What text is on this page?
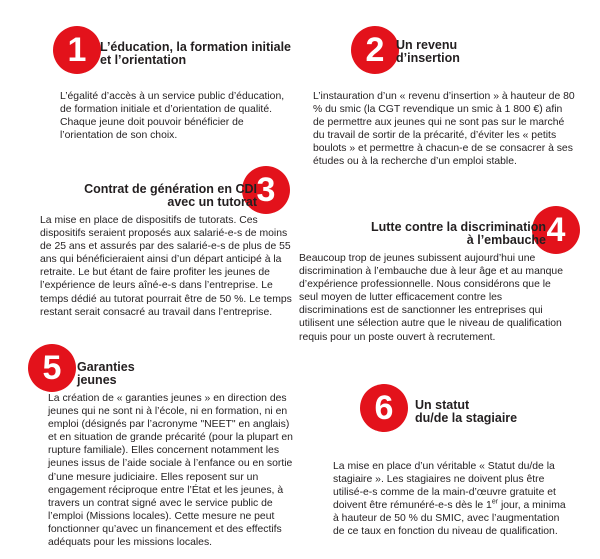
1	L’éducation, la formation initiale
et l’orientation
L’égalité d’accès à un service public d’éducation, de formation initiale et d’orientation de qualité. Chaque jeune doit pouvoir bénéficier de l’orientation de son choix.
2 Un revenu
d’insertion
L’instauration d’un « revenu d’insertion » à hauteur de 80 % du smic (la CGT revendique un smic à 1 800 €) afin de permettre aux jeunes qui ne sont pas sur le marché du travail de sortir de la précarité, d’éviter les « petits boulots » et permettre à chacun-e de se consacrer à ses études ou à la recherche d’un emploi stable.
3
Contrat de génération en CDI
avec un tutorat
La mise en place de dispositifs de tutorats. Ces dispositifs seraient proposés aux salarié-e-s de moins de 25 ans et assurés par des salarié-e-s de plus de 55 ans qui bénéficieraient ainsi d’un départ anticipé à la retraite. Le but étant de faire profiter les jeunes de l’expérience de leurs aîné-e-s dans l’entreprise. Le temps dédié au tutorat pourrait être de 50 %. Le temps restant serait consacré au travail dans l’entreprise.
4
Lutte contre la discrimination
à l’embauche
Beaucoup trop de jeunes subissent aujourd’hui une discrimination à l’embauche due à leur âge et au manque d’expérience professionnelle. Nous considérons que le seul moyen de lutter efficacement contre les discriminations est de sanctionner les entreprises qui utilisent une sélection autre que le niveau de qualification requis pour un poste ouvert à recrutement.
5	Garanties
jeunes
La création de « garanties jeunes » en direction des jeunes qui ne sont ni à l’école, ni en formation, ni en emploi (désignés par l’acronyme "NEET" en anglais) et en situation de grande précarité (pour la plupart en rupture familiale). Elles concernent notamment les jeunes issus de l’aide sociale à l’enfance ou en sortie d’une mesure judiciaire. Elles reposent sur un engagement réciproque entre l’État et les jeunes, à travers un contrat signé avec le service public de l’emploi (Missions locales). Cette mesure ne peut fonctionner qu’avec un financement et des effectifs adéquats pour les missions locales.
6	Un statut
du/de la stagiaire
La mise en place d’un véritable « Statut du/de la stagiaire ». Les stagiaires ne doivent plus être utilisé-e-s comme de la main-d’œuvre gratuite et doivent être rémunéré-e-s dès le 1er jour, a minima à hauteur de 50 % du SMIC, avec l’augmentation de ce taux en fonction du niveau de qualification.
